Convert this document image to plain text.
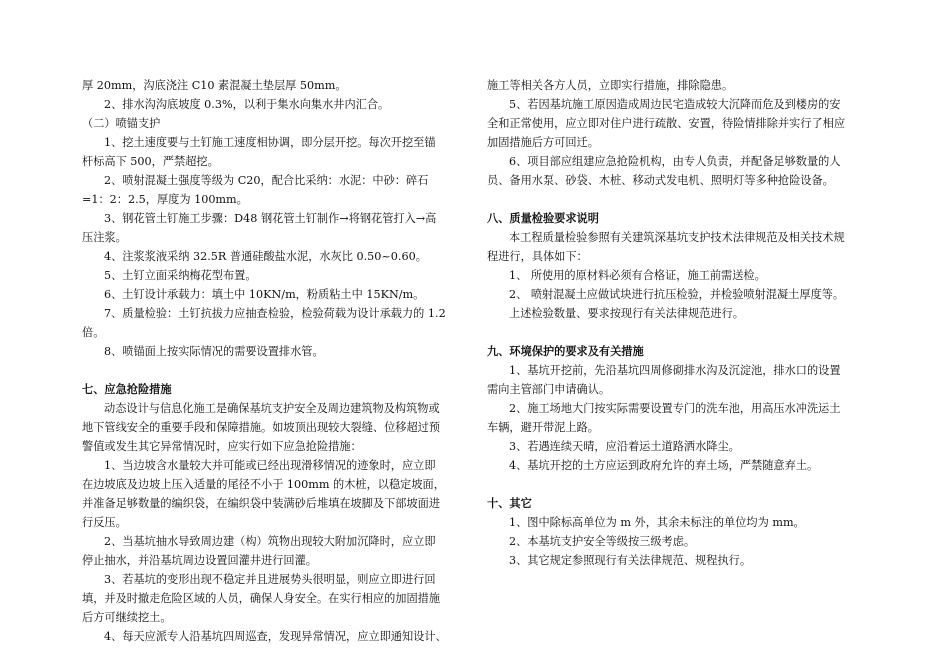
厚 20mm，沟底浇注 C10 素混凝土垫层厚 50mm。

2、排水沟沟底坡度 0.3%，以利于集水向集水井内汇合。

（二）喷锚支护

1、挖土速度要与土钉施工速度相协调，即分层开挖。每次开挖至锚

杆标高下 500，严禁超挖。

2、喷射混凝土强度等级为 C20，配合比采纳：水泥：中砂：碎石

=1：2：2.5，厚度为 100mm。

3、钢花管土钉施工步骤：D48 钢花管土钉制作→将钢花管打入→高

压注浆。

4、注浆浆液采纳 32.5R 普通硅酸盐水泥，水灰比 0.50~0.60。

5、土钉立面采纳梅花型布置。

6、土钉设计承载力：填土中 10KN/m，粉质粘土中 15KN/m。

7、质量检验：土钉抗拔力应抽查检验，检验荷载为设计承载力的 1.2

倍。

8、喷锚面上按实际情况的需要设置排水管。

七、应急抢险措施

动态设计与信息化施工是确保基坑支护安全及周边建筑物及构筑物或

地下管线安全的重要手段和保障措施。如坡顶出现较大裂缝、位移超过预

警值或发生其它异常情况时，应实行如下应急抢险措施：

1、当边坡含水量较大并可能或已经出现滑移情况的迹象时，应立即

在边坡底及边坡上压入适量的尾径不小于 100mm 的木桩，以稳定坡面，

并准备足够数量的编织袋，在编织袋中装满砂后堆填在坡脚及下部坡面进

行反压。

2、当基坑抽水导致周边建（构）筑物出现较大附加沉降时，应立即

停止抽水，并沿基坑周边设置回灌井进行回灌。

3、若基坑的变形出现不稳定并且进展势头很明显，则应立即进行回

填，并及时撤走危险区域的人员，确保人身安全。在实行相应的加固措施

后方可继续挖土。

4、每天应派专人沿基坑四周巡查，发现异常情况，应立即通知设计、

施工等相关各方人员，立即实行措施，排除隐患。

5、若因基坑施工原因造成周边民宅造成较大沉降而危及到楼房的安

全和正常使用，应立即对住户进行疏散、安置，待险情排除并实行了相应

加固措施后方可回迁。

6、项目部应组建应急抢险机构，由专人负责，并配备足够数量的人

员、备用水泵、砂袋、木桩、移动式发电机、照明灯等多种抢险设备。

八、质量检验要求说明

本工程质量检验参照有关建筑深基坑支护技术法律规范及相关技术规

程进行，具体如下：

1、 所使用的原材料必须有合格证，施工前需送检。

2、 喷射混凝土应做试块进行抗压检验，并检验喷射混凝土厚度等。

上述检验数量、要求按现行有关法律规范进行。

九、环境保护的要求及有关措施

1、基坑开挖前，先沿基坑四周修砌排水沟及沉淀池，排水口的设置

需向主管部门申请确认。

2、施工场地大门按实际需要设置专门的洗车池，用高压水冲洗运土

车辆，避开带泥上路。

3、若遇连续天晴，应沿着运土道路洒水降尘。

4、基坑开挖的土方应运到政府允许的弃土场，严禁随意弃土。

十、其它

1、图中除标高单位为 m 外，其余未标注的单位均为 mm。

2、本基坑支护安全等级按三级考虑。

3、其它规定参照现行有关法律规范、规程执行。
